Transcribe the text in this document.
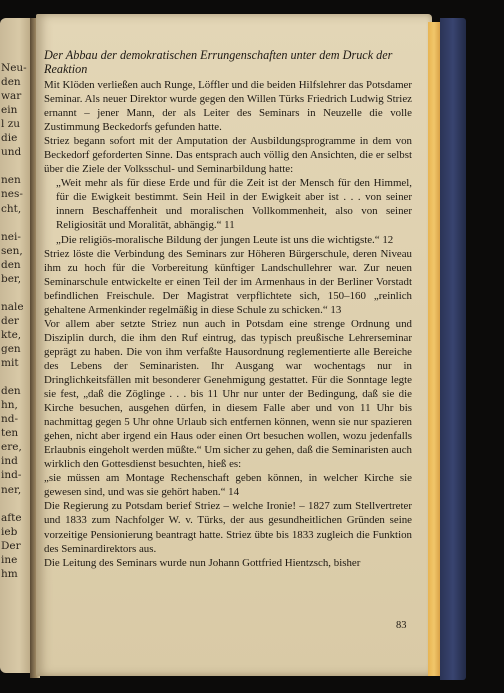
Neu-
den
war
ein
l zu
die
und
nen
nes-
cht,
nei-
sen,
den
ber,
nale
der
kte,
gen
mit
den
hn,
nd-
ten
ere,
ind
ind-
ner,
afte
ieb
Der
ine
hm

Der Abbau der demokratischen Errungenschaften unter dem Druck der Reaktion

Mit Klöden verließen auch Runge, Löffler und die beiden Hilfslehrer das Potsdamer Seminar. Als neuer Direktor wurde gegen den Willen Türks Friedrich Ludwig Striez ernannt – jener Mann, der als Leiter des Seminars in Neuzelle die volle Zustimmung Beckedorfs gefunden hatte.

Striez begann sofort mit der Amputation der Ausbildungsprogramme in dem von Beckedorf geforderten Sinne. Das entsprach auch völlig den Ansichten, die er selbst über die Ziele der Volksschul- und Seminarbildung hatte:

„Weit mehr als für diese Erde und für die Zeit ist der Mensch für den Himmel, für die Ewigkeit bestimmt. Sein Heil in der Ewigkeit aber ist . . . von seiner innern Beschaffenheit und moralischen Vollkommenheit, also von seiner Religiosität und Moralität, abhängig.“ 11

„Die religiös-moralische Bildung der jungen Leute ist uns die wichtigste.“ 12

Striez löste die Verbindung des Seminars zur Höheren Bürgerschule, deren Niveau ihm zu hoch für die Vorbereitung künftiger Landschullehrer war. Zur neuen Seminarschule entwickelte er einen Teil der im Armenhaus in der Berliner Vorstadt befindlichen Freischule. Der Magistrat verpflichtete sich, 150–160 „reinlich gehaltene Armenkinder regelmäßig in diese Schule zu schicken.“ 13

Vor allem aber setzte Striez nun auch in Potsdam eine strenge Ordnung und Disziplin durch, die ihm den Ruf eintrug, das typisch preußische Lehrerseminar geprägt zu haben. Die von ihm verfaßte Hausordnung reglementierte alle Bereiche des Lebens der Seminaristen. Ihr Ausgang war wochentags nur in Dringlichkeitsfällen mit besonderer Genehmigung gestattet. Für die Sonntage legte sie fest, „daß die Zöglinge . . . bis 11 Uhr nur unter der Bedingung, daß sie die Kirche besuchen, ausgehen dürfen, in diesem Falle aber und von 11 Uhr bis nachmittag gegen 5 Uhr ohne Urlaub sich entfernen können, wenn sie nur spazieren gehen, nicht aber irgend ein Haus oder einen Ort besuchen wollen, wozu jedenfalls Erlaubnis eingeholt werden müßte.“ Um sicher zu gehen, daß die Seminaristen auch wirklich den Gottesdienst besuchten, hieß es:

„sie müssen am Montage Rechenschaft geben können, in welcher Kirche sie gewesen sind, und was sie gehört haben.“ 14

Die Regierung zu Potsdam berief Striez – welche Ironie! – 1827 zum Stellvertreter und 1833 zum Nachfolger W. v. Türks, der aus gesundheitlichen Gründen seine vorzeitige Pensionierung beantragt hatte. Striez übte bis 1833 zugleich die Funktion des Seminardirektors aus.

Die Leitung des Seminars wurde nun Johann Gottfried Hientzsch, bisher

83
